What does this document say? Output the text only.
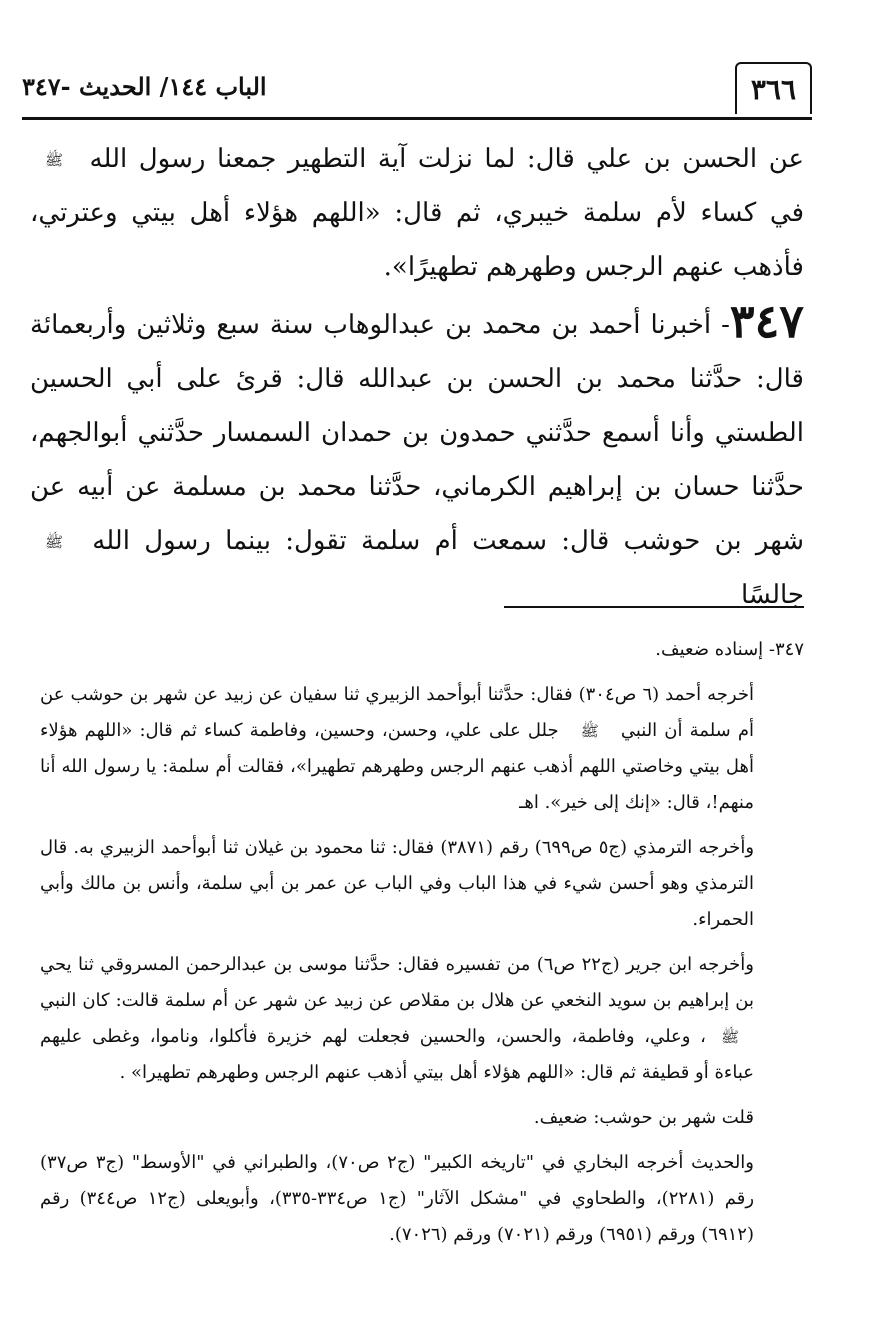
٣٦٦
الباب ١٤٤/ الحديث -٣٤٧

عن الحسن بن علي قال: لما نزلت آية التطهير جمعنا رسول الله ﷺ في كساء لأم سلمة خيبري، ثم قال: «اللهم هؤلاء أهل بيتي وعترتي، فأذهب عنهم الرجس وطهرهم تطهيرًا».

٣٤٧- أخبرنا أحمد بن محمد بن عبدالوهاب سنة سبع وثلاثين وأربعمائة قال: حدَّثنا محمد بن الحسن بن عبدالله قال: قرئ على أبي الحسين الطستي وأنا أسمع حدَّثني حمدون بن حمدان السمسار حدَّثني أبوالجهم، حدَّثنا حسان بن إبراهيم الكرماني، حدَّثنا محمد بن مسلمة عن أبيه عن شهر بن حوشب قال: سمعت أم سلمة تقول: بينما رسول الله ﷺ جالسًا

٣٤٧- إسناده ضعيف.

أخرجه أحمد (٦ ص٣٠٤) فقال: حدَّثنا أبوأحمد الزبيري ثنا سفيان عن زبيد عن شهر بن حوشب عن أم سلمة أن النبي ﷺ جلل على علي، وحسن، وحسين، وفاطمة كساء ثم قال: «اللهم هؤلاء أهل بيتي وخاصتي اللهم أذهب عنهم الرجس وطهرهم تطهيرا»، فقالت أم سلمة: يا رسول الله أنا منهم!، قال: «إنك إلى خير». اهـ

وأخرجه الترمذي (ج٥ ص٦٩٩) رقم (٣٨٧١) فقال: ثنا محمود بن غيلان ثنا أبوأحمد الزبيري به. قال الترمذي وهو أحسن شيء في هذا الباب وفي الباب عن عمر بن أبي سلمة، وأنس بن مالك وأبي الحمراء.

وأخرجه ابن جرير (ج٢٢ ص٦) من تفسيره فقال: حدَّثنا موسى بن عبدالرحمن المسروقي ثنا يحي بن إبراهيم بن سويد النخعي عن هلال بن مقلاص عن زبيد عن شهر عن أم سلمة قالت: كان النبي ﷺ، وعلي، وفاطمة، والحسن، والحسين فجعلت لهم خزيرة فأكلوا، وناموا، وغطى عليهم عباءة أو قطيفة ثم قال: «اللهم هؤلاء أهل بيتي أذهب عنهم الرجس وطهرهم تطهيرا» .

قلت شهر بن حوشب: ضعيف.

والحديث أخرجه البخاري في "تاريخه الكبير" (ج٢ ص٧٠)، والطبراني في "الأوسط" (ج٣ ص٣٧) رقم (٢٢٨١)، والطحاوي في "مشكل الآثار" (ج١ ص٣٣٤-٣٣٥)، وأبويعلى (ج١٢ ص٣٤٤) رقم (٦٩١٢) ورقم (٦٩٥١) ورقم (٧٠٢١) ورقم (٧٠٢٦).
